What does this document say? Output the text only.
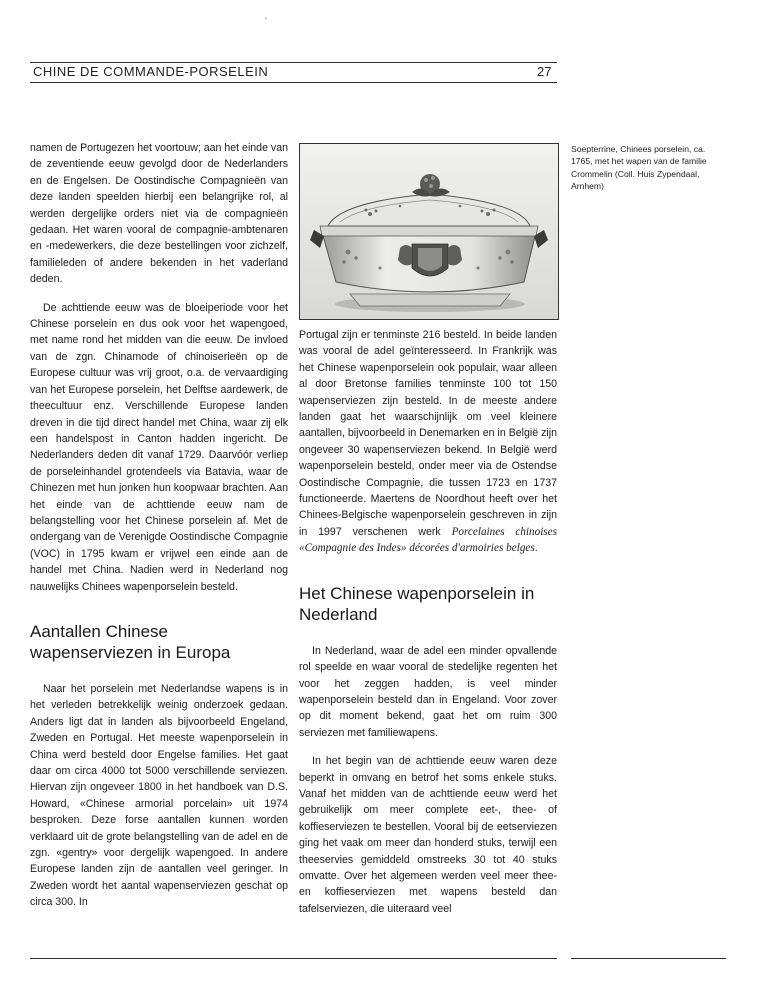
'
CHINE DE COMMANDE-PORSELEIN	27

namen de Portugezen het voortouw; aan het einde van de zeventiende eeuw gevolgd door de Nederlanders en de Engelsen. De Oostindische Compagnieën van deze landen speelden hierbij een belangrijke rol, al werden dergelijke orders niet via de compagnieën gedaan. Het waren vooral de compagnie-ambtenaren en -medewerkers, die deze bestellingen voor zichzelf, familieleden of andere bekenden in het vaderland deden.

De achttiende eeuw was de bloeiperiode voor het Chinese porselein en dus ook voor het wapengoed, met name rond het midden van die eeuw. De invloed van de zgn. Chinamode of chinoiserieën op de Europese cultuur was vrij groot, o.a. de vervaardiging van het Europese porselein, het Delftse aardewerk, de theecultuur enz. Verschillende Europese landen dreven in die tijd direct handel met China, waar zij elk een handelspost in Canton hadden ingericht. De Nederlanders deden dit vanaf 1729. Daarvóór verliep de porseleinhandel grotendeels via Batavia, waar de Chinezen met hun jonken hun koopwaar brachten. Aan het einde van de achttiende eeuw nam de belangstelling voor het Chinese porselein af. Met de ondergang van de Verenigde Oostindische Compagnie (VOC) in 1795 kwam er vrijwel een einde aan de handel met China. Nadien werd in Nederland nog nauwelijks Chinees wapenporselein besteld.

Aantallen Chinese wapenserviezen in Europa

Naar het porselein met Nederlandse wapens is in het verleden betrekkelijk weinig onderzoek gedaan. Anders ligt dat in landen als bijvoorbeeld Engeland, Zweden en Portugal. Het meeste wapenporselein in China werd besteld door Engelse families. Het gaat daar om circa 4000 tot 5000 verschillende serviezen. Hiervan zijn ongeveer 1800 in het handboek van D.S. Howard, «Chinese armorial porcelain» uit 1974 besproken. Deze forse aantallen kunnen worden verklaard uit de grote belangstelling van de adel en de zgn. «gentry» voor dergelijk wapengoed. In andere Europese landen zijn de aantallen veel geringer. In Zweden wordt het aantal wapenserviezen geschat op circa 300. In

Soepterrine, Chinees porselein, ca. 1765, met het wapen van de familie Crommelin (Coll. Huis Zypendaal, Arnhem)

Portugal zijn er tenminste 216 besteld. In beide landen was vooral de adel geïnteresseerd. In Frankrijk was het Chinese wapenporselein ook populair, waar alleen al door Bretonse families tenminste 100 tot 150 wapenserviezen zijn besteld. In de meeste andere landen gaat het waarschijnlijk om veel kleinere aantallen, bijvoorbeeld in Denemarken en in België zijn ongeveer 30 wapenserviezen bekend. In België werd wapenporselein besteld, onder meer via de Ostendse Oostindische Compagnie, die tussen 1723 en 1737 functioneerde. Maertens de Noordhout heeft over het Chinees-Belgische wapenporselein geschreven in zijn in 1997 verschenen werk Porcelaines chinoises «Compagnie des Indes» décorées d'armoiries belges.

Het Chinese wapenporselein in Nederland

In Nederland, waar de adel een minder opvallende rol speelde en waar vooral de stedelijke regenten het voor het zeggen hadden, is veel minder wapenporselein besteld dan in Engeland. Voor zover op dit moment bekend, gaat het om ruim 300 serviezen met familiewapens.

In het begin van de achttiende eeuw waren deze beperkt in omvang en betrof het soms enkele stuks. Vanaf het midden van de achttiende eeuw werd het gebruikelijk om meer complete eet-, thee- of koffieserviezen te bestellen. Vooral bij de eetserviezen ging het vaak om meer dan honderd stuks, terwijl een theeservies gemiddeld omstreeks 30 tot 40 stuks omvatte. Over het algemeen werden veel meer thee- en koffieserviezen met wapens besteld dan tafelserviezen, die uiteraard veel
